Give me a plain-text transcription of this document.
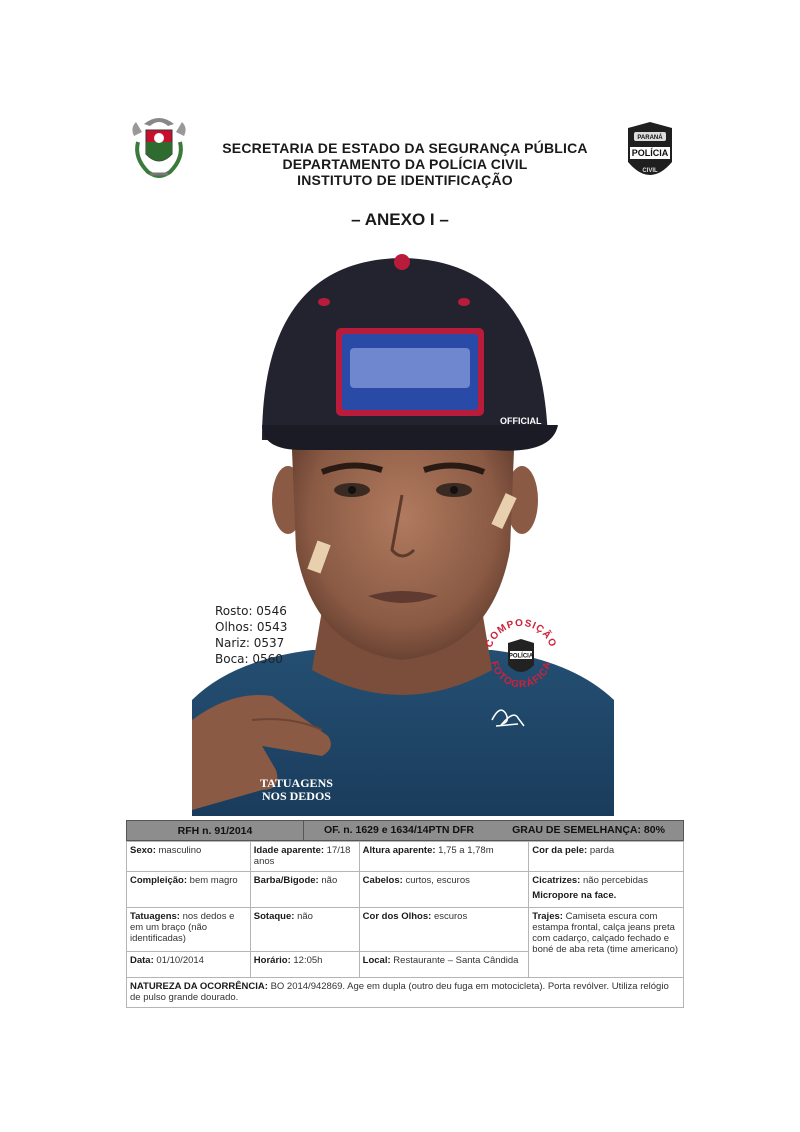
SECRETARIA DE ESTADO DA SEGURANÇA PÚBLICA
DEPARTAMENTO DA POLÍCIA CIVIL
INSTITUTO DE IDENTIFICAÇÃO
PARANÁ
POLÍCIA
CIVIL
– ANEXO I –
OFFICIAL
Rosto: 0546
Olhos: 0543
Nariz: 0537
Boca: 0560
TATUAGENS
NOS DEDOS
COMPOSIÇÃO
FOTOGRÁFICA
POLÍCIA
RFH n. 91/2014	OF. n. 1629 e 1634/14PTN DFR	GRAU DE SEMELHANÇA: 80%
Sexo: masculino	Idade aparente: 17/18 anos	Altura aparente: 1,75 a 1,78m	Cor da pele: parda
Compleição: bem magro	Barba/Bigode: não	Cabelos: curtos, escuros	Cicatrizes: não percebidas
Micropore na face.

Tatuagens: nos dedos e em um braço (não identificadas)	Sotaque: não	Cor dos Olhos: escuros	Trajes: Camiseta escura com estampa frontal, calça jeans preta com cadarço, calçado fechado e boné de aba reta (time americano)
Data: 01/10/2014	Horário: 12:05h	Local: Restaurante – Santa Cândida	
NATUREZA DA OCORRÊNCIA: BO 2014/942869. Age em dupla (outro deu fuga em motocicleta). Porta revólver. Utiliza relógio de pulso grande dourado.
